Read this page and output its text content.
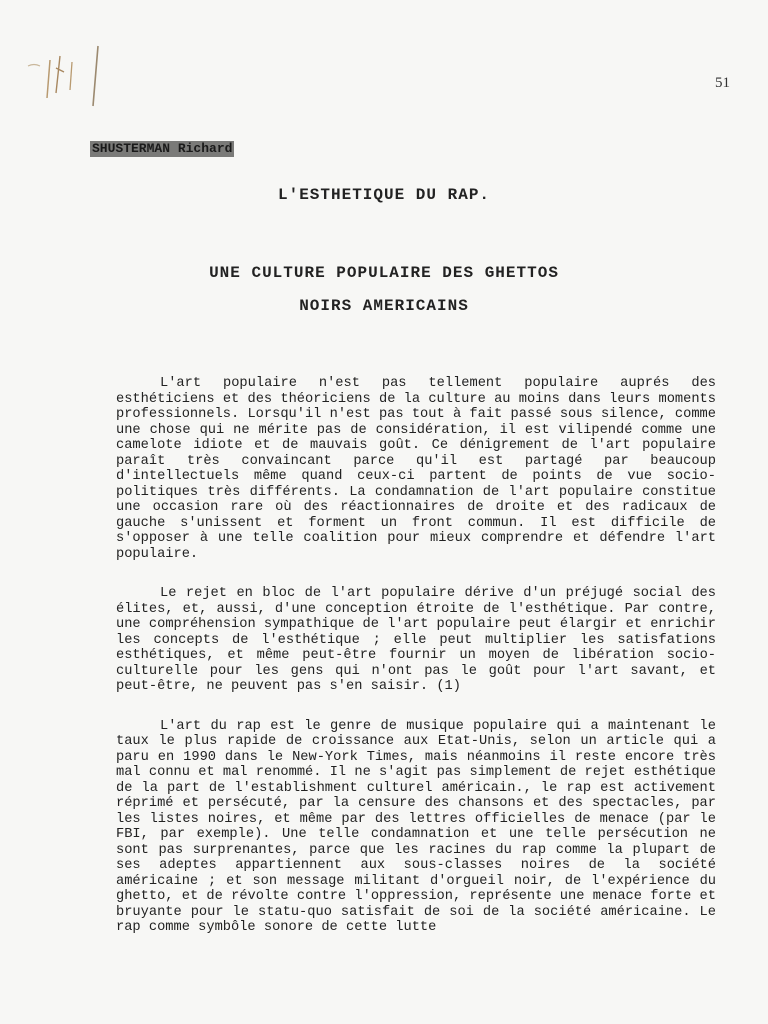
51
SHUSTERMAN Richard
L'ESTHETIQUE DU RAP.
UNE CULTURE POPULAIRE DES GHETTOS
NOIRS AMERICAINS

L'art populaire n'est pas tellement populaire auprés des esthéticiens et des théoriciens de la culture au moins dans leurs moments professionnels. Lorsqu'il n'est pas tout à fait passé sous silence, comme une chose qui ne mérite pas de considération, il est vilipendé comme une camelote idiote et de mauvais goût. Ce dénigrement de l'art populaire paraît très convaincant parce qu'il est partagé par beaucoup d'intellectuels même quand ceux-ci partent de points de vue socio-politiques très différents. La condamnation de l'art populaire constitue une occasion rare où des réactionnaires de droite et des radicaux de gauche s'unissent et forment un front commun. Il est difficile de s'opposer à une telle coalition pour mieux comprendre et défendre l'art populaire.

Le rejet en bloc de l'art populaire dérive d'un préjugé social des élites, et, aussi, d'une conception étroite de l'esthétique. Par contre, une compréhension sympathique de l'art populaire peut élargir et enrichir les concepts de l'esthétique ; elle peut multiplier les satisfations esthétiques, et même peut-être fournir un moyen de libération socio-culturelle pour les gens qui n'ont pas le goût pour l'art savant, et peut-être, ne peuvent pas s'en saisir. (1)

L'art du rap est le genre de musique populaire qui a maintenant le taux le plus rapide de croissance aux Etat-Unis, selon un article qui a paru en 1990 dans le New-York Times, mais néanmoins il reste encore très mal connu et mal renommé. Il ne s'agit pas simplement de rejet esthétique de la part de l'establishment culturel américain., le rap est activement réprimé et persécuté, par la censure des chansons et des spectacles, par les listes noires, et même par des lettres officielles de menace (par le FBI, par exemple). Une telle condamnation et une telle persécution ne sont pas surprenantes, parce que les racines du rap comme la plupart de ses adeptes appartiennent aux sous-classes noires de la société américaine ; et son message militant d'orgueil noir, de l'expérience du ghetto, et de révolte contre l'oppression, représente une menace forte et bruyante pour le statu-quo satisfait de soi de la société américaine. Le rap comme symbôle sonore de cette lutte
